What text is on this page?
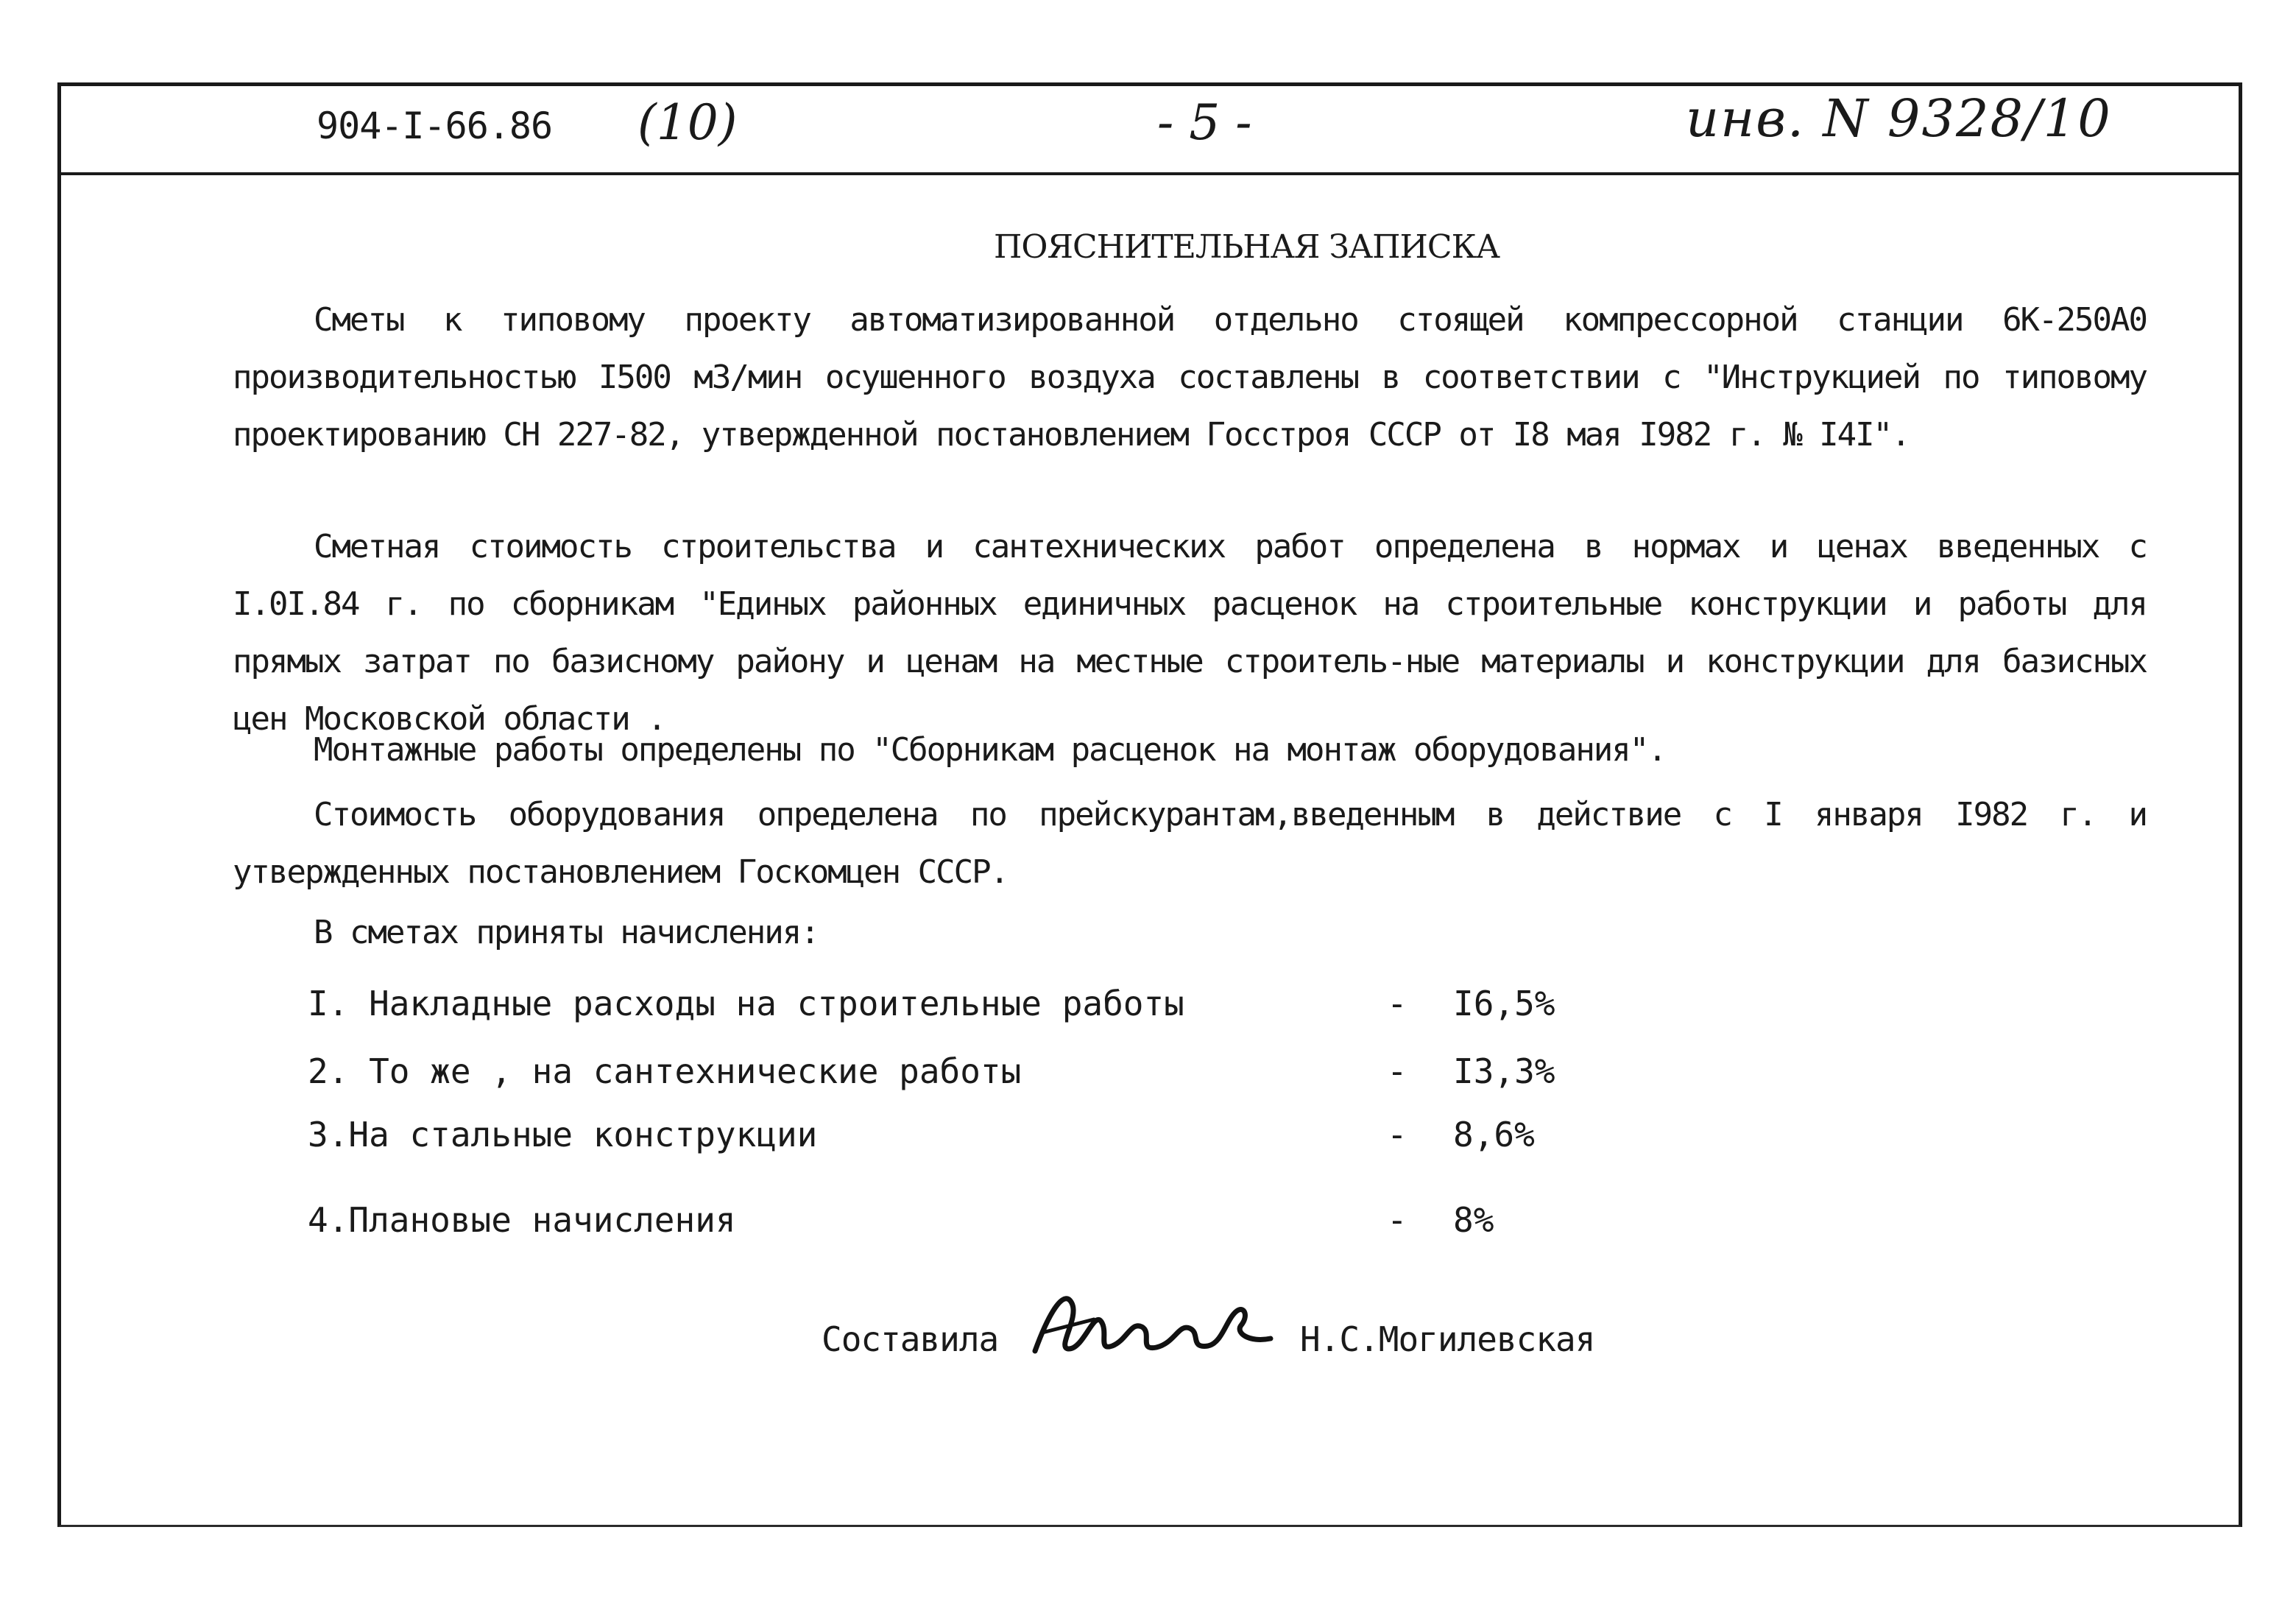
904-I-66.86 (10)	- 5 -	инв. N 9328/10
ПОЯСНИТЕЛЬНАЯ ЗАПИСКА

Сметы к типовому проекту автоматизированной отдельно стоящей компрессорной станции 6К-250А0 производительностью I500 м3/мин осушенного воздуха составлены в соответствии с "Инструкцией по типовому проектированию СН 227-82, утвержденной постановлением Госстроя СССР от I8 мая I982 г. № I4I".

Сметная стоимость строительства и сантехнических работ определена в нормах и ценах введенных с I.0I.84 г. по сборникам "Единых районных единичных расценок на строительные конструкции и работы для прямых затрат по базисному району и ценам на местные строитель-ные материалы и конструкции для базисных цен Московской области .

Монтажные работы определены по "Сборникам расценок на монтаж оборудования".

Стоимость оборудования определена по прейскурантам,введенным в действие с I января I982 г. и утвержденных постановлением Госкомцен СССР.

В сметах приняты начисления:

I. Накладные расходы на строительные работы	- I6,5%
2. То же , на сантехнические работы	- I3,3%
3.На стальные конструкции	- 8,6%
4.Плановые начисления	- 8%
Составила	Н.С.Могилевская
